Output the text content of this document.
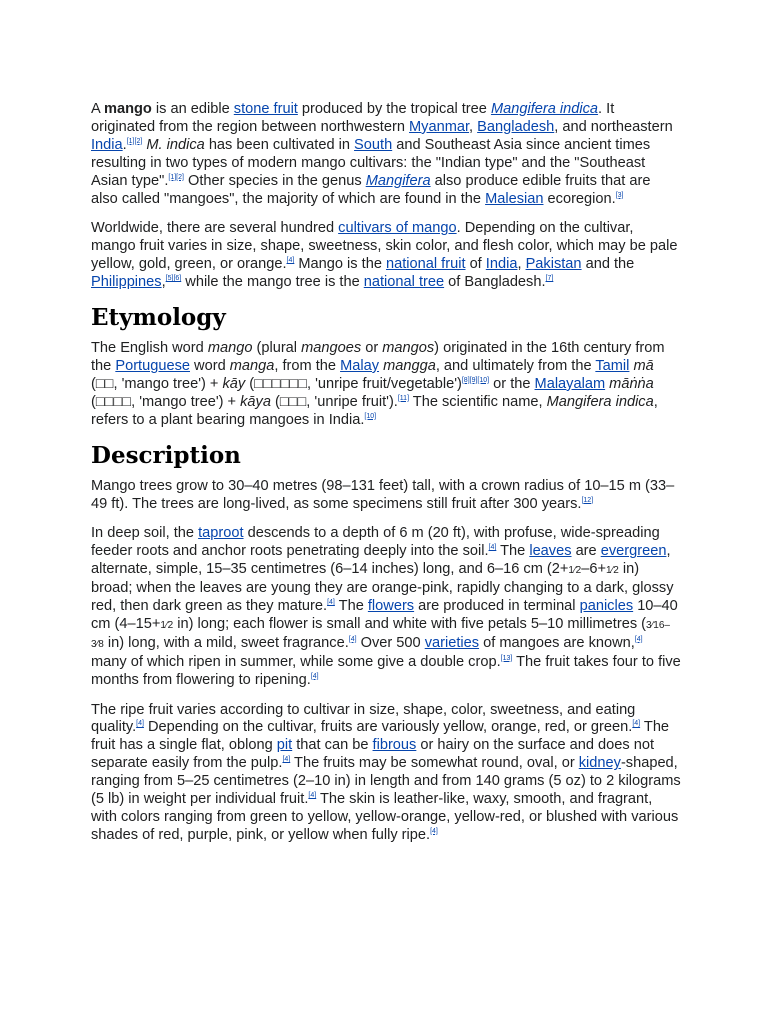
A mango is an edible stone fruit produced by the tropical tree Mangifera indica. It originated from the region between northwestern Myanmar, Bangladesh, and northeastern India.[1][2] M. indica has been cultivated in South and Southeast Asia since ancient times resulting in two types of modern mango cultivars: the "Indian type" and the "Southeast Asian type".[1][2] Other species in the genus Mangifera also produce edible fruits that are also called "mangoes", the majority of which are found in the Malesian ecoregion.[3]

Worldwide, there are several hundred cultivars of mango. Depending on the cultivar, mango fruit varies in size, shape, sweetness, skin color, and flesh color, which may be pale yellow, gold, green, or orange.[4] Mango is the national fruit of India, Pakistan and the Philippines,[5][6] while the mango tree is the national tree of Bangladesh.[7]

Etymology

The English word mango (plural mangoes or mangos) originated in the 16th century from the Portuguese word manga, from the Malay mangga, and ultimately from the Tamil mā (□□, 'mango tree') + kāy (□□□□□□, 'unripe fruit/vegetable')[8][9][10] or the Malayalam māṅṅa (□□□□, 'mango tree') + kāya (□□□, 'unripe fruit').[11] The scientific name, Mangifera indica, refers to a plant bearing mangoes in India.[10]

Description

Mango trees grow to 30–40 metres (98–131 feet) tall, with a crown radius of 10–15 m (33–49 ft). The trees are long-lived, as some specimens still fruit after 300 years.[12]

In deep soil, the taproot descends to a depth of 6 m (20 ft), with profuse, wide-spreading feeder roots and anchor roots penetrating deeply into the soil.[4] The leaves are evergreen, alternate, simple, 15–35 centimetres (6–14 inches) long, and 6–16 cm (2+1⁄2–6+1⁄2 in) broad; when the leaves are young they are orange-pink, rapidly changing to a dark, glossy red, then dark green as they mature.[4] The flowers are produced in terminal panicles 10–40 cm (4–15+1⁄2 in) long; each flower is small and white with five petals 5–10 millimetres (3⁄16–3⁄8 in) long, with a mild, sweet fragrance.[4] Over 500 varieties of mangoes are known,[4] many of which ripen in summer, while some give a double crop.[13] The fruit takes four to five months from flowering to ripening.[4]

The ripe fruit varies according to cultivar in size, shape, color, sweetness, and eating quality.[4] Depending on the cultivar, fruits are variously yellow, orange, red, or green.[4] The fruit has a single flat, oblong pit that can be fibrous or hairy on the surface and does not separate easily from the pulp.[4] The fruits may be somewhat round, oval, or kidney-shaped, ranging from 5–25 centimetres (2–10 in) in length and from 140 grams (5 oz) to 2 kilograms (5 lb) in weight per individual fruit.[4] The skin is leather-like, waxy, smooth, and fragrant, with colors ranging from green to yellow, yellow-orange, yellow-red, or blushed with various shades of red, purple, pink, or yellow when fully ripe.[4]
